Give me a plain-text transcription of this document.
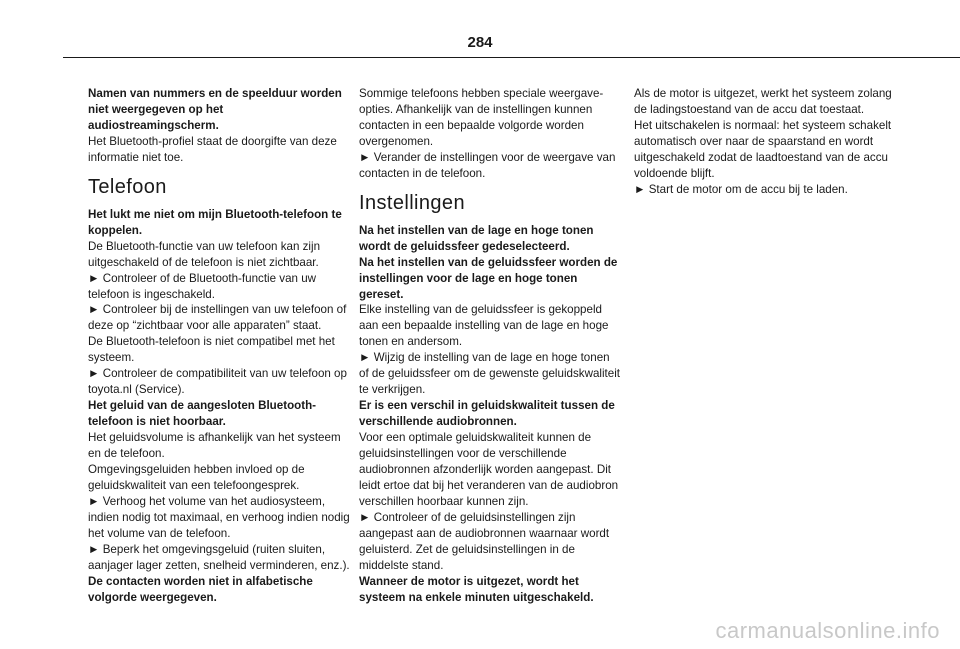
284

Namen van nummers en de speelduur worden niet weergegeven op het audiostreamingscherm.

Het Bluetooth-profiel staat de doorgifte van deze informatie niet toe.

Telefoon

Het lukt me niet om mijn Bluetooth-telefoon te koppelen.

De Bluetooth-functie van uw telefoon kan zijn uitgeschakeld of de telefoon is niet zichtbaar.

► Controleer of de Bluetooth-functie van uw telefoon is ingeschakeld.

► Controleer bij de instellingen van uw telefoon of deze op “zichtbaar voor alle apparaten” staat.

De Bluetooth-telefoon is niet compatibel met het systeem.

► Controleer de compatibiliteit van uw telefoon op toyota.nl (Service).

Het geluid van de aangesloten Bluetooth-telefoon is niet hoorbaar.

Het geluidsvolume is afhankelijk van het systeem en de telefoon.

Omgevingsgeluiden hebben invloed op de geluidskwaliteit van een telefoongesprek.

► Verhoog het volume van het audiosysteem, indien nodig tot maximaal, en verhoog indien nodig het volume van de telefoon.

► Beperk het omgevingsgeluid (ruiten sluiten, aanjager lager zetten, snelheid verminderen, enz.).

De contacten worden niet in alfabetische volgorde weergegeven.

Sommige telefoons hebben speciale weergave-opties. Afhankelijk van de instellingen kunnen contacten in een bepaalde volgorde worden overgenomen.

► Verander de instellingen voor de weergave van contacten in de telefoon.

Instellingen

Na het instellen van de lage en hoge tonen wordt de geluidssfeer gedeselecteerd.

Na het instellen van de geluidssfeer worden de instellingen voor de lage en hoge tonen gereset.

Elke instelling van de geluidssfeer is gekoppeld aan een bepaalde instelling van de lage en hoge tonen en andersom.

► Wijzig de instelling van de lage en hoge tonen of de geluidssfeer om de gewenste geluidskwaliteit te verkrijgen.

Er is een verschil in geluidskwaliteit tussen de verschillende audiobronnen.

Voor een optimale geluidskwaliteit kunnen de geluidsinstellingen voor de verschillende audiobronnen afzonderlijk worden aangepast. Dit leidt ertoe dat bij het veranderen van de audiobron verschillen hoorbaar kunnen zijn.

► Controleer of de geluidsinstellingen zijn aangepast aan de audiobronnen waarnaar wordt geluisterd. Zet de geluidsinstellingen in de middelste stand.

Wanneer de motor is uitgezet, wordt het systeem na enkele minuten uitgeschakeld.

Als de motor is uitgezet, werkt het systeem zolang de ladingstoestand van de accu dat toestaat.

Het uitschakelen is normaal: het systeem schakelt automatisch over naar de spaarstand en wordt uitgeschakeld zodat de laadtoestand van de accu voldoende blijft.

► Start de motor om de accu bij te laden.

carmanualsonline.info
